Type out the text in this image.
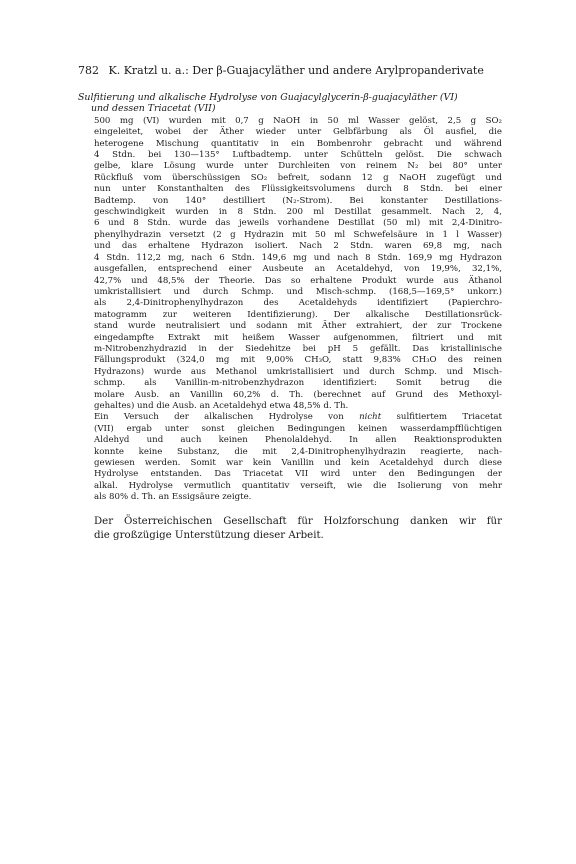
782 K. Kratzl u. a.: Der β-Guajacyläther und andere Arylpropanderivate
Sulfitierung und alkalische Hydrolyse von Guajacylglycerin-β-guajacyläther (VI)
und dessen Triacetat (VII)

500 mg (VI) wurden mit 0,7 g NaOH in 50 ml Wasser gelöst, 2,5 g SO₂
eingeleitet, wobei der Äther wieder unter Gelbfärbung als Öl ausfiel, die
heterogene Mischung quantitativ in ein Bombenrohr gebracht und während
4 Stdn. bei 130—135° Luftbadtemp. unter Schütteln gelöst. Die schwach
gelbe, klare Lösung wurde unter Durchleiten von reinem N₂ bei 80° unter
Rückfluß vom überschüssigen SO₂ befreit, sodann 12 g NaOH zugefügt und
nun unter Konstanthalten des Flüssigkeitsvolumens durch 8 Stdn. bei einer
Badtemp. von 140° destilliert (N₂-Strom). Bei konstanter Destillations-
geschwindigkeit wurden in 8 Stdn. 200 ml Destillat gesammelt. Nach 2, 4,
6 und 8 Stdn. wurde das jeweils vorhandene Destillat (50 ml) mit 2,4-Dinitro-
phenylhydrazin versetzt (2 g Hydrazin mit 50 ml Schwefelsäure in 1 l Wasser)
und das erhaltene Hydrazon isoliert. Nach 2 Stdn. waren 69,8 mg, nach
4 Stdn. 112,2 mg, nach 6 Stdn. 149,6 mg und nach 8 Stdn. 169,9 mg Hydrazon
ausgefallen, entsprechend einer Ausbeute an Acetaldehyd, von 19,9%, 32,1%,
42,7% und 48,5% der Theorie. Das so erhaltene Produkt wurde aus Äthanol
umkristallisiert und durch Schmp. und Misch-schmp. (168,5—169,5° unkorr.)
als 2,4-Dinitrophenylhydrazon des Acetaldehyds identifiziert (Papierchro-
matogramm zur weiteren Identifizierung). Der alkalische Destillationsrück-
stand wurde neutralisiert und sodann mit Äther extrahiert, der zur Trockene
eingedampfte Extrakt mit heißem Wasser aufgenommen, filtriert und mit
m-Nitrobenzhydrazid in der Siedehitze bei pH 5 gefällt. Das kristallinische
Fällungsprodukt (324,0 mg mit 9,00% CH₃O, statt 9,83% CH₃O des reinen
Hydrazons) wurde aus Methanol umkristallisiert und durch Schmp. und Misch-
schmp. als Vanillin-m-nitrobenzhydrazon identifiziert: Somit betrug die
molare Ausb. an Vanillin 60,2% d. Th. (berechnet auf Grund des Methoxyl-
gehaltes) und die Ausb. an Acetaldehyd etwa 48,5% d. Th.

Ein Versuch der alkalischen Hydrolyse von nicht sulfitiertem Triacetat
(VII) ergab unter sonst gleichen Bedingungen keinen wasserdampfflüchtigen
Aldehyd und auch keinen Phenolaldehyd. In allen Reaktionsprodukten
konnte keine Substanz, die mit 2,4-Dinitrophenylhydrazin reagierte, nach-
gewiesen werden. Somit war kein Vanillin und kein Acetaldehyd durch diese
Hydrolyse entstanden. Das Triacetat VII wird unter den Bedingungen der
alkal. Hydrolyse vermutlich quantitativ verseift, wie die Isolierung von mehr
als 80% d. Th. an Essigsäure zeigte.

Der Österreichischen Gesellschaft für Holzforschung danken wir für
die großzügige Unterstützung dieser Arbeit.
